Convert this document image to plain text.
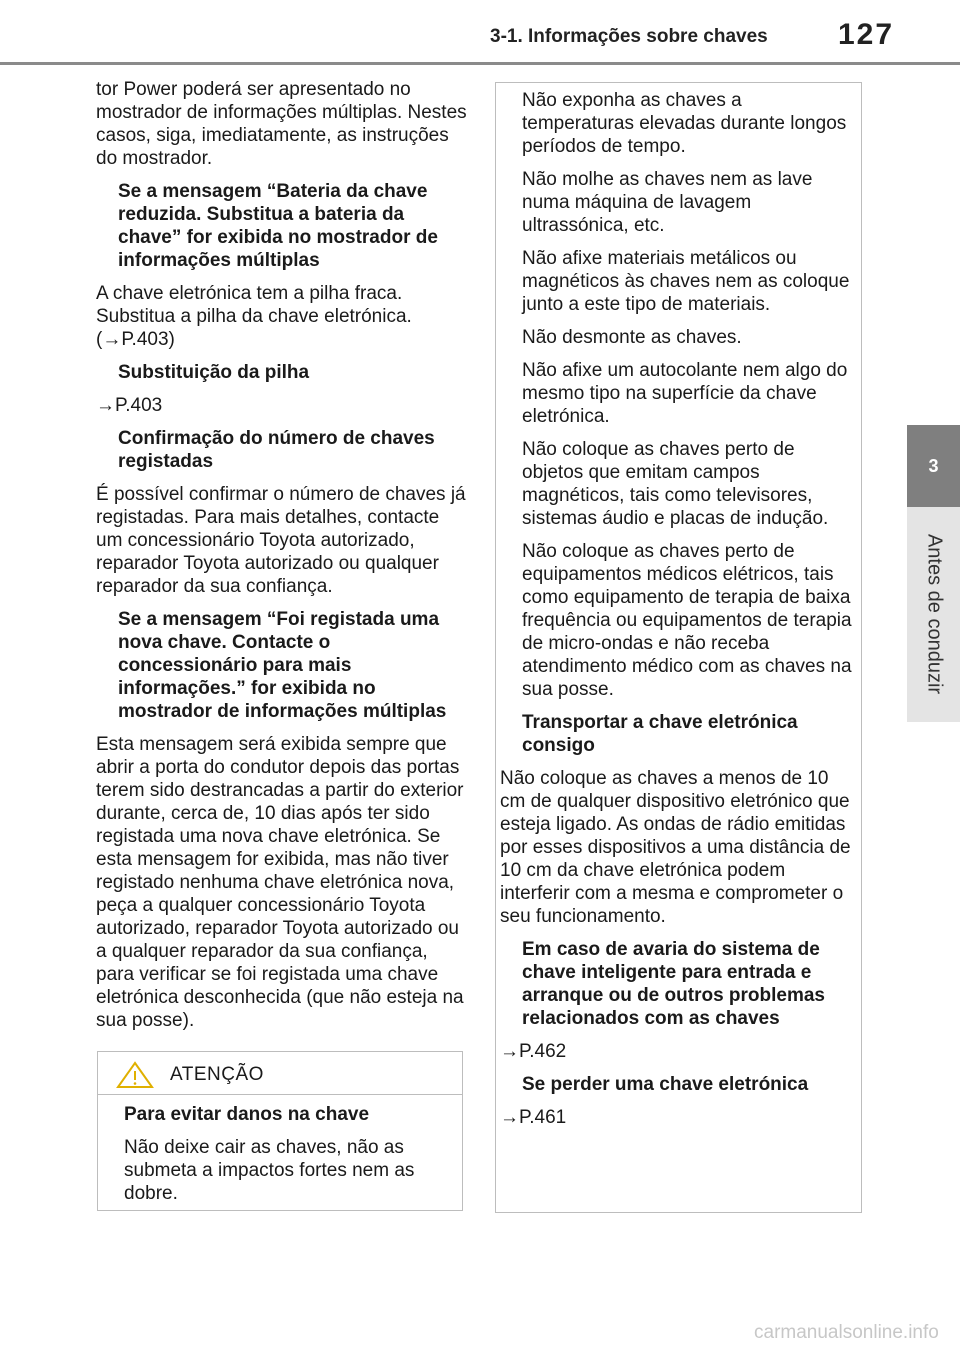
3-1. Informações sobre chaves 127
3
Antes de conduzir

tor Power poderá ser apresentado no mostrador de informações múltiplas. Nestes casos, siga, imediatamente, as instruções do mostrador.

Se a mensagem “Bateria da chave reduzida. Substitua a bateria da chave” for exibida no mostrador de informações múltiplas

A chave eletrónica tem a pilha fraca. Substitua a pilha da chave eletrónica. (→P.403)

Substituição da pilha

→P.403

Confirmação do número de chaves registadas

É possível confirmar o número de chaves já registadas. Para mais detalhes, contacte um concessionário Toyota autorizado, reparador Toyota autorizado ou qualquer reparador da sua confiança.

Se a mensagem “Foi registada uma nova chave. Contacte o concessionário para mais informações.” for exibida no mostrador de informações múltiplas

Esta mensagem será exibida sempre que abrir a porta do condutor depois das portas terem sido destrancadas a partir do exterior durante, cerca de, 10 dias após ter sido registada uma nova chave eletrónica. Se esta mensagem for exibida, mas não tiver registado nenhuma chave eletrónica nova, peça a qualquer concessionário Toyota autorizado, reparador Toyota autorizado ou a qualquer reparador da sua confiança, para verificar se foi registada uma chave eletrónica desconhecida (que não esteja na sua posse).

ATENÇÃO
Para evitar danos na chave

Não deixe cair as chaves, não as submeta a impactos fortes nem as dobre.

Não exponha as chaves a temperaturas elevadas durante longos períodos de tempo.

Não molhe as chaves nem as lave numa máquina de lavagem ultrassónica, etc.

Não afixe materiais metálicos ou magnéticos às chaves nem as coloque junto a este tipo de materiais.

Não desmonte as chaves.

Não afixe um autocolante nem algo do mesmo tipo na superfície da chave eletrónica.

Não coloque as chaves perto de objetos que emitam campos magnéticos, tais como televisores, sistemas áudio e placas de indução.

Não coloque as chaves perto de equipamentos médicos elétricos, tais como equipamento de terapia de baixa frequência ou equipamentos de terapia de micro-ondas e não receba atendimento médico com as chaves na sua posse.

Transportar a chave eletrónica consigo

Não coloque as chaves a menos de 10 cm de qualquer dispositivo eletrónico que esteja ligado. As ondas de rádio emitidas por esses dispositivos a uma distância de 10 cm da chave eletrónica podem interferir com a mesma e comprometer o seu funcionamento.

Em caso de avaria do sistema de chave inteligente para entrada e arranque ou de outros problemas relacionados com as chaves

→P.462

Se perder uma chave eletrónica

→P.461

carmanualsonline.info
